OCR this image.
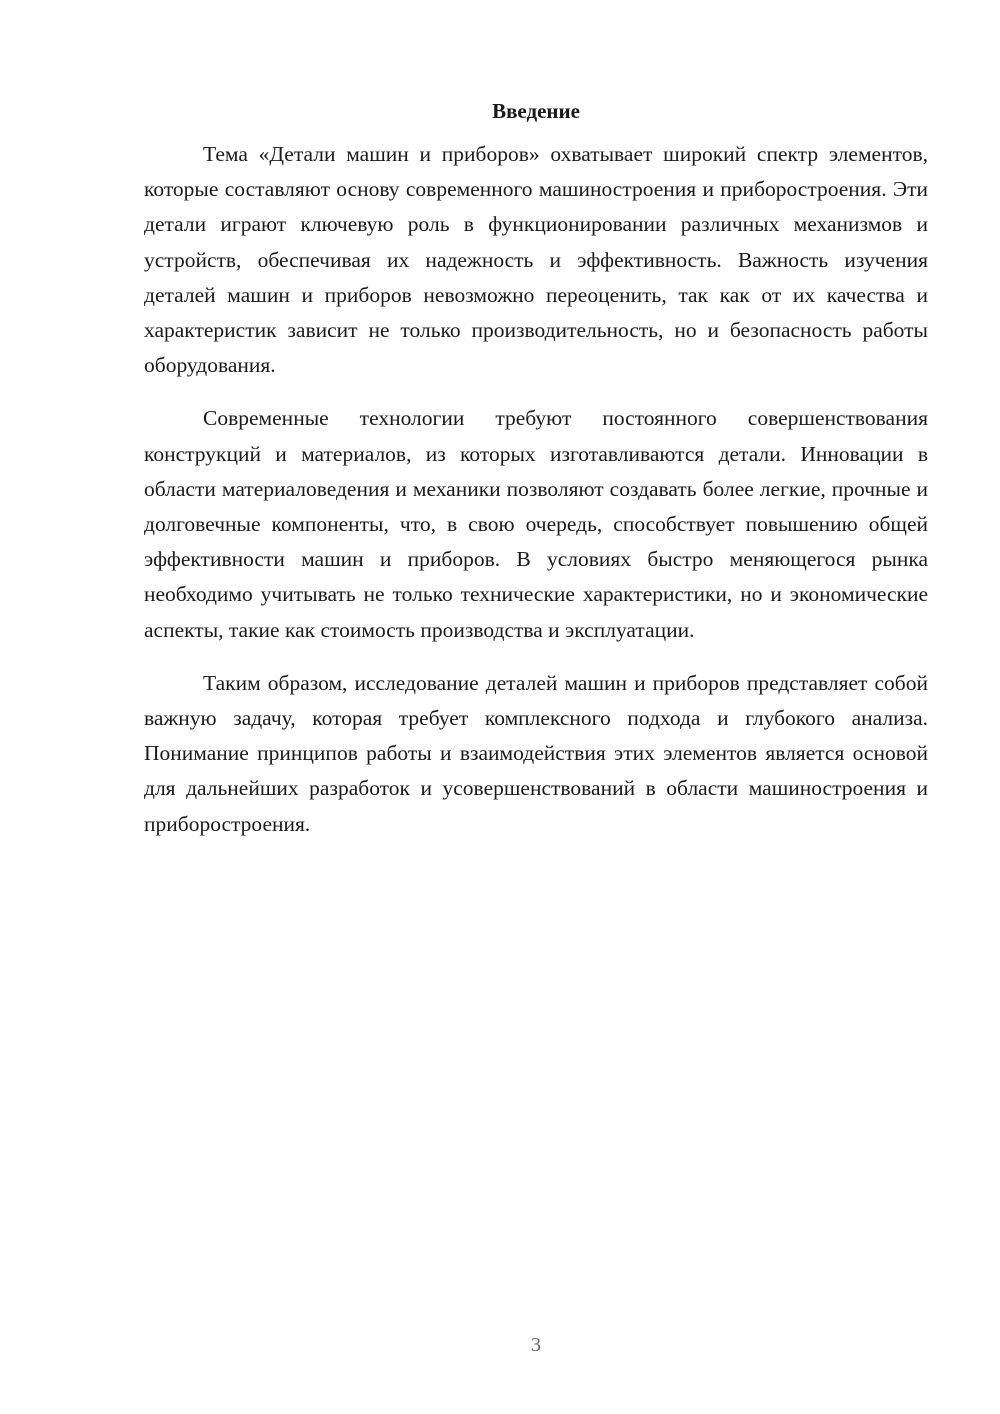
Введение

Тема «Детали машин и приборов» охватывает широкий спектр элементов, которые составляют основу современного машиностроения и приборостроения. Эти детали играют ключевую роль в функционировании различных механизмов и устройств, обеспечивая их надежность и эффективность. Важность изучения деталей машин и приборов невозможно переоценить, так как от их качества и характеристик зависит не только производительность, но и безопасность работы оборудования.

Современные технологии требуют постоянного совершенствования конструкций и материалов, из которых изготавливаются детали. Инновации в области материаловедения и механики позволяют создавать более легкие, прочные и долговечные компоненты, что, в свою очередь, способствует повышению общей эффективности машин и приборов. В условиях быстро меняющегося рынка необходимо учитывать не только технические характеристики, но и экономические аспекты, такие как стоимость производства и эксплуатации.

Таким образом, исследование деталей машин и приборов представляет собой важную задачу, которая требует комплексного подхода и глубокого анализа. Понимание принципов работы и взаимодействия этих элементов является основой для дальнейших разработок и усовершенствований в области машиностроения и приборостроения.

3
